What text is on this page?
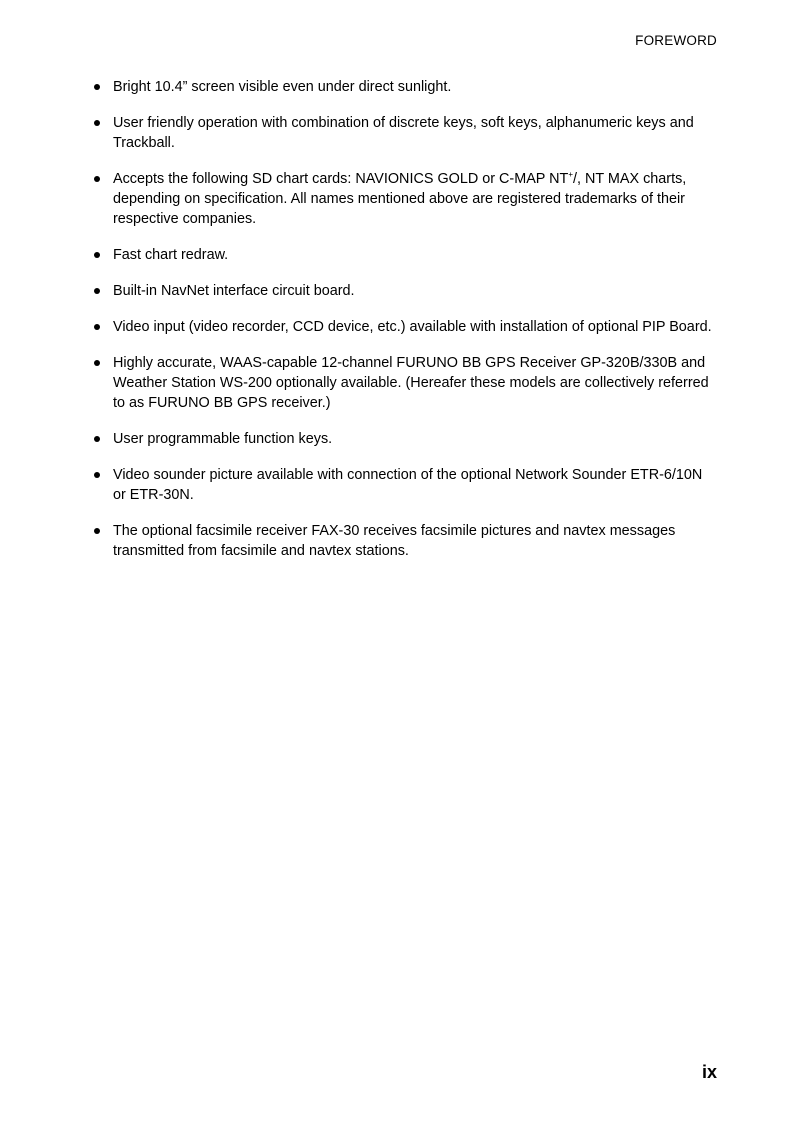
FOREWORD
Bright 10.4” screen visible even under direct sunlight.
User friendly operation with combination of discrete keys, soft keys, alphanumeric keys and Trackball.
Accepts the following SD chart cards: NAVIONICS GOLD or C-MAP NT+/, NT MAX charts, depending on specification. All names mentioned above are registered trademarks of their respective companies.
Fast chart redraw.
Built-in NavNet interface circuit board.
Video input (video recorder, CCD device, etc.) available with installation of optional PIP Board.
Highly accurate, WAAS-capable 12-channel FURUNO BB GPS Receiver GP-320B/330B and Weather Station WS-200 optionally available. (Hereafer these models are collectively referred to as FURUNO BB GPS receiver.)
User programmable function keys.
Video sounder picture available with connection of the optional Network Sounder ETR-6/10N or ETR-30N.
The optional facsimile receiver FAX-30 receives facsimile pictures and navtex messages transmitted from facsimile and navtex stations.
ix
